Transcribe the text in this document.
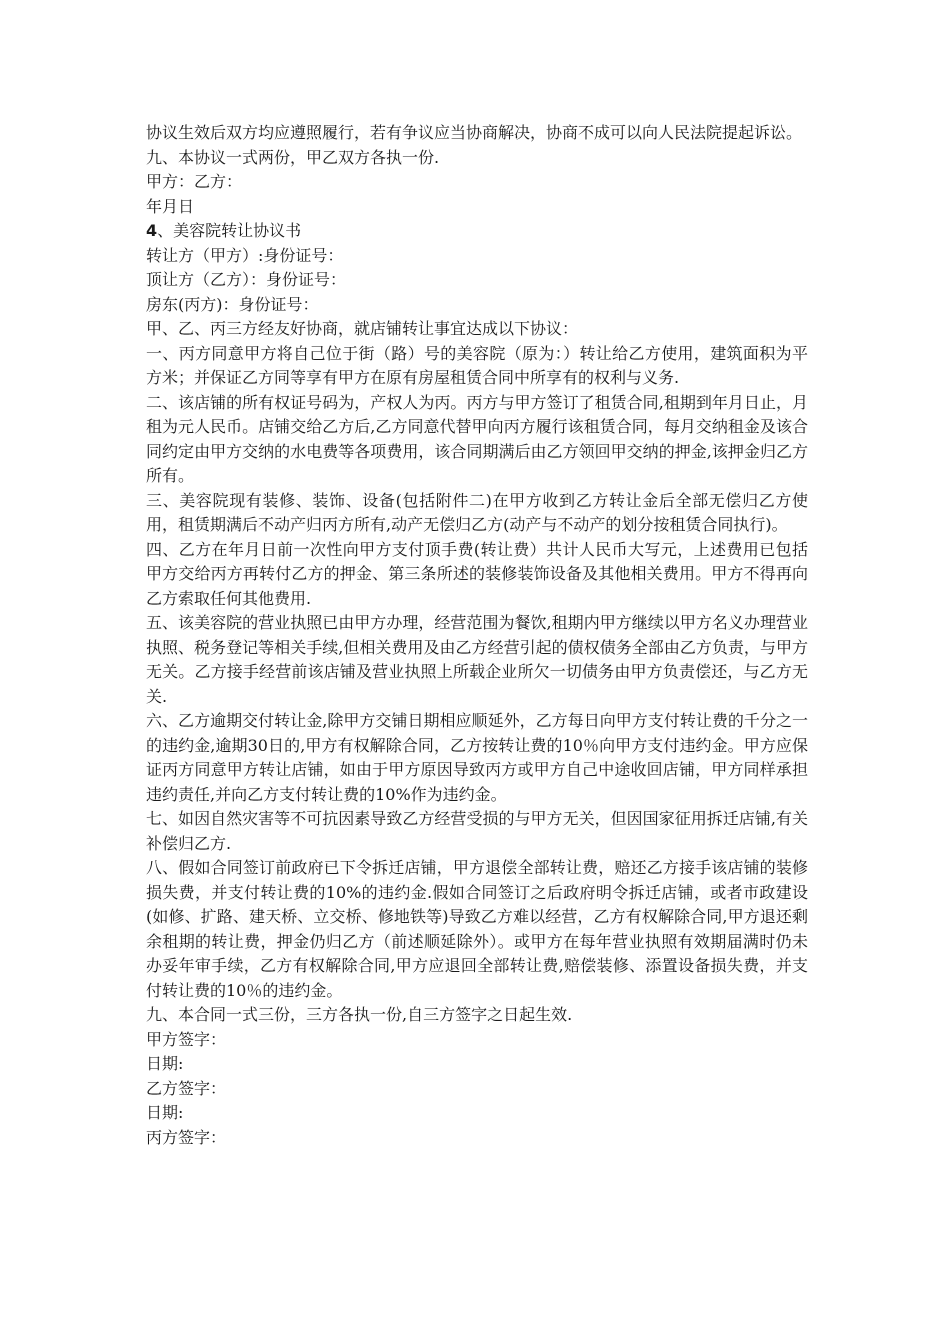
协议生效后双方均应遵照履行，若有争议应当协商解决，协商不成可以向人民法院提起诉讼。

九、本协议一式两份，甲乙双方各执一份.

甲方：乙方：

年月日

4、美容院转让协议书

转让方（甲方）:身份证号：

顶让方（乙方）：身份证号：

房东(丙方)：身份证号：

甲、乙、丙三方经友好协商，就店铺转让事宜达成以下协议：

一、丙方同意甲方将自己位于街（路）号的美容院（原为：）转让给乙方使用，建筑面积为平方米；并保证乙方同等享有甲方在原有房屋租赁合同中所享有的权利与义务.

二、该店铺的所有权证号码为，产权人为丙。丙方与甲方签订了租赁合同,租期到年月日止，月租为元人民币。店铺交给乙方后,乙方同意代替甲向丙方履行该租赁合同，每月交纳租金及该合同约定由甲方交纳的水电费等各项费用，该合同期满后由乙方领回甲交纳的押金,该押金归乙方所有。

三、美容院现有装修、装饰、设备(包括附件二)在甲方收到乙方转让金后全部无偿归乙方使用，租赁期满后不动产归丙方所有,动产无偿归乙方(动产与不动产的划分按租赁合同执行)。

四、乙方在年月日前一次性向甲方支付顶手费(转让费）共计人民币大写元，上述费用已包括甲方交给丙方再转付乙方的押金、第三条所述的装修装饰设备及其他相关费用。甲方不得再向乙方索取任何其他费用.

五、该美容院的营业执照已由甲方办理，经营范围为餐饮,租期内甲方继续以甲方名义办理营业执照、税务登记等相关手续,但相关费用及由乙方经营引起的债权债务全部由乙方负责，与甲方无关。乙方接手经营前该店铺及营业执照上所载企业所欠一切债务由甲方负责偿还，与乙方无关.

六、乙方逾期交付转让金,除甲方交铺日期相应顺延外，乙方每日向甲方支付转让费的千分之一的违约金,逾期30日的,甲方有权解除合同，乙方按转让费的10％向甲方支付违约金。甲方应保证丙方同意甲方转让店铺，如由于甲方原因导致丙方或甲方自己中途收回店铺，甲方同样承担违约责任,并向乙方支付转让费的10%作为违约金。

七、如因自然灾害等不可抗因素导致乙方经营受损的与甲方无关，但因国家征用拆迁店铺,有关补偿归乙方.

八、假如合同签订前政府已下令拆迁店铺，甲方退偿全部转让费，赔还乙方接手该店铺的装修损失费，并支付转让费的10%的违约金.假如合同签订之后政府明令拆迁店铺，或者市政建设(如修、扩路、建天桥、立交桥、修地铁等)导致乙方难以经营，乙方有权解除合同,甲方退还剩余租期的转让费，押金仍归乙方（前述顺延除外）。或甲方在每年营业执照有效期届满时仍未办妥年审手续，乙方有权解除合同,甲方应退回全部转让费,赔偿装修、添置设备损失费，并支付转让费的10％的违约金。

九、本合同一式三份，三方各执一份,自三方签字之日起生效.

甲方签字：

日期:

乙方签字：

日期:

丙方签字：
